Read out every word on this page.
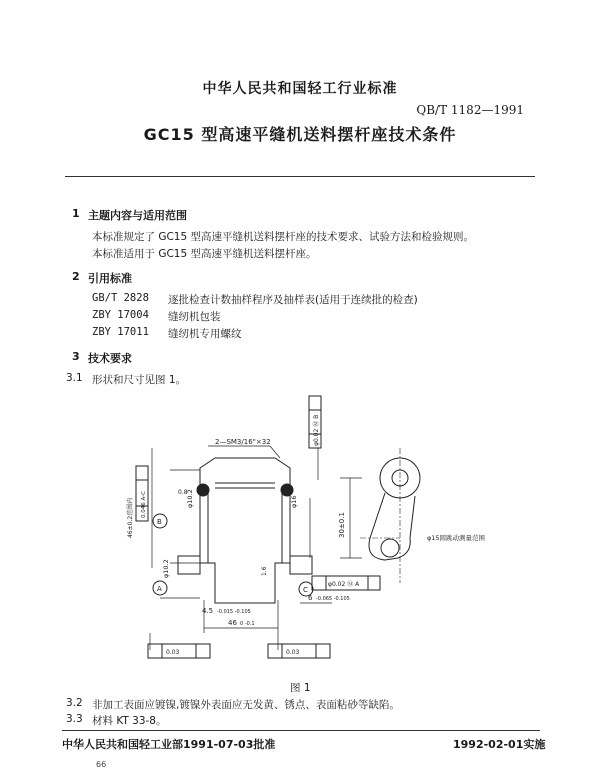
中华人民共和国轻工行业标准
QB/T 1182—1991
GC15 型高速平缝机送料摆杆座技术条件
1 主题内容与适用范围
本标准规定了 GC15 型高速平缝机送料摆杆座的技术要求、试验方法和检验规则。
本标准适用于 GC15 型高速平缝机送料摆杆座。
2 引用标准
GB/T 2828 逐批检查计数抽样程序及抽样表(适用于连续批的检查)
ZBY 17004 缝纫机包装
ZBY 17011 缝纫机专用螺纹
3 技术要求
3.1 形状和尺寸见图 1。
2—SM3/16"×32
φ15圆跳动测量范围
30±0.1
46 0 -0.1
4.5 -0.015 -0.105
6 -0.065 -0.105
φ10.2
φ10.2
φ16
φ0.02 Ⓜ B
φ0.02 Ⓜ A
0.046 A-C
0.03	0.03
A
B
C
46±0.2范围内
0.8
1.6
图 1
3.2 非加工表面应镀镍,镀镍外表面应无发黄、锈点、表面粘砂等缺陷。
3.3 材料 KT 33-8。
中华人民共和国轻工业部1991-07-03批准	1992-02-01实施
66
